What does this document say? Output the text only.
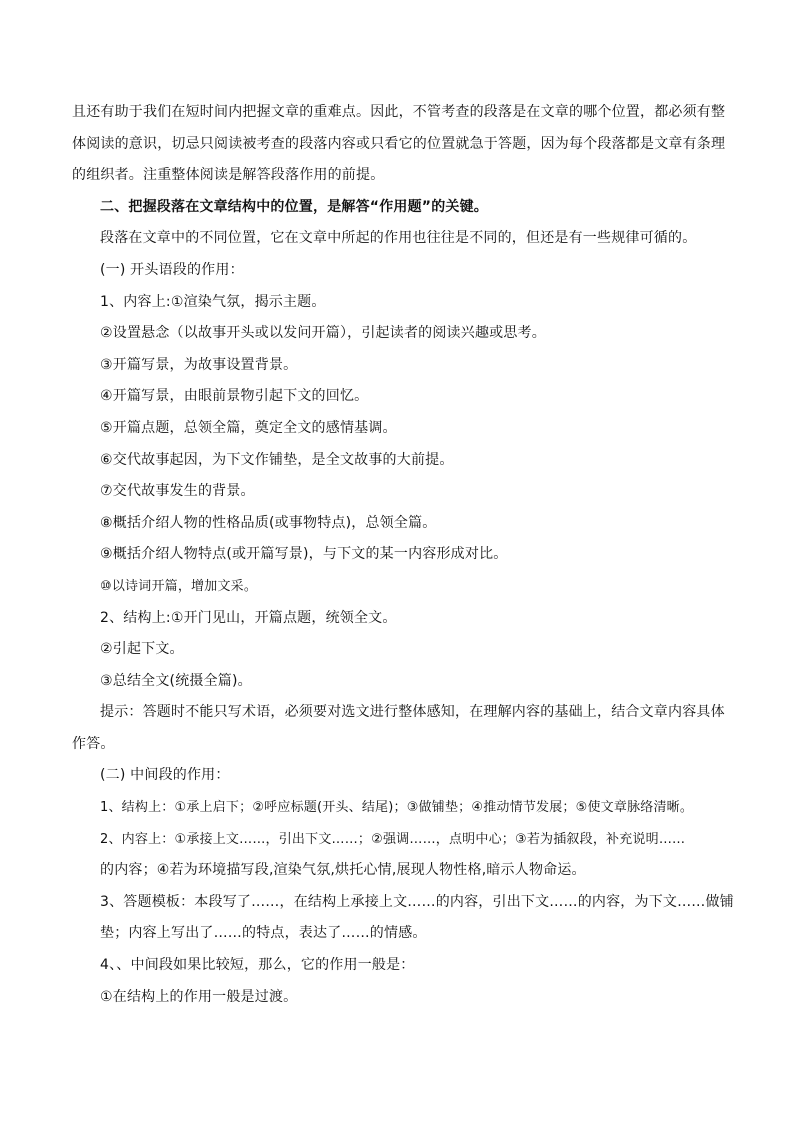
且还有助于我们在短时间内把握文章的重难点。因此，不管考查的段落是在文章的哪个位置，都必须有整
体阅读的意识，切忌只阅读被考查的段落内容或只看它的位置就急于答题，因为每个段落都是文章有条理
的组织者。注重整体阅读是解答段落作用的前提。
二、把握段落在文章结构中的位置，是解答“作用题”的关键。
段落在文章中的不同位置，它在文章中所起的作用也往往是不同的，但还是有一些规律可循的。
(一) 开头语段的作用：
1、内容上:①渲染气氛，揭示主题。
②设置悬念（以故事开头或以发问开篇），引起读者的阅读兴趣或思考。
③开篇写景，为故事设置背景。
④开篇写景，由眼前景物引起下文的回忆。
⑤开篇点题，总领全篇，奠定全文的感情基调。
⑥交代故事起因，为下文作铺垫，是全文故事的大前提。
⑦交代故事发生的背景。
⑧概括介绍人物的性格品质(或事物特点)，总领全篇。
⑨概括介绍人物特点(或开篇写景)，与下文的某一内容形成对比。
⑩以诗词开篇，增加文采。
2、结构上:①开门见山，开篇点题，统领全文。
②引起下文。
③总结全文(统摄全篇)。
提示：答题时不能只写术语，必须要对选文进行整体感知，在理解内容的基础上，结合文章内容具体
作答。
(二) 中间段的作用：
1、结构上：①承上启下；②呼应标题(开头、结尾)；③做铺垫；④推动情节发展；⑤使文章脉络清晰。
2、内容上：①承接上文……，引出下文……；②强调……，点明中心；③若为插叙段，补充说明……
的内容；④若为环境描写段,渲染气氛,烘托心情,展现人物性格,暗示人物命运。
3、答题模板：本段写了……，在结构上承接上文……的内容，引出下文……的内容，为下文……做铺
垫；内容上写出了……的特点，表达了……的情感。
4、、中间段如果比较短，那么，它的作用一般是：
①在结构上的作用一般是过渡。
